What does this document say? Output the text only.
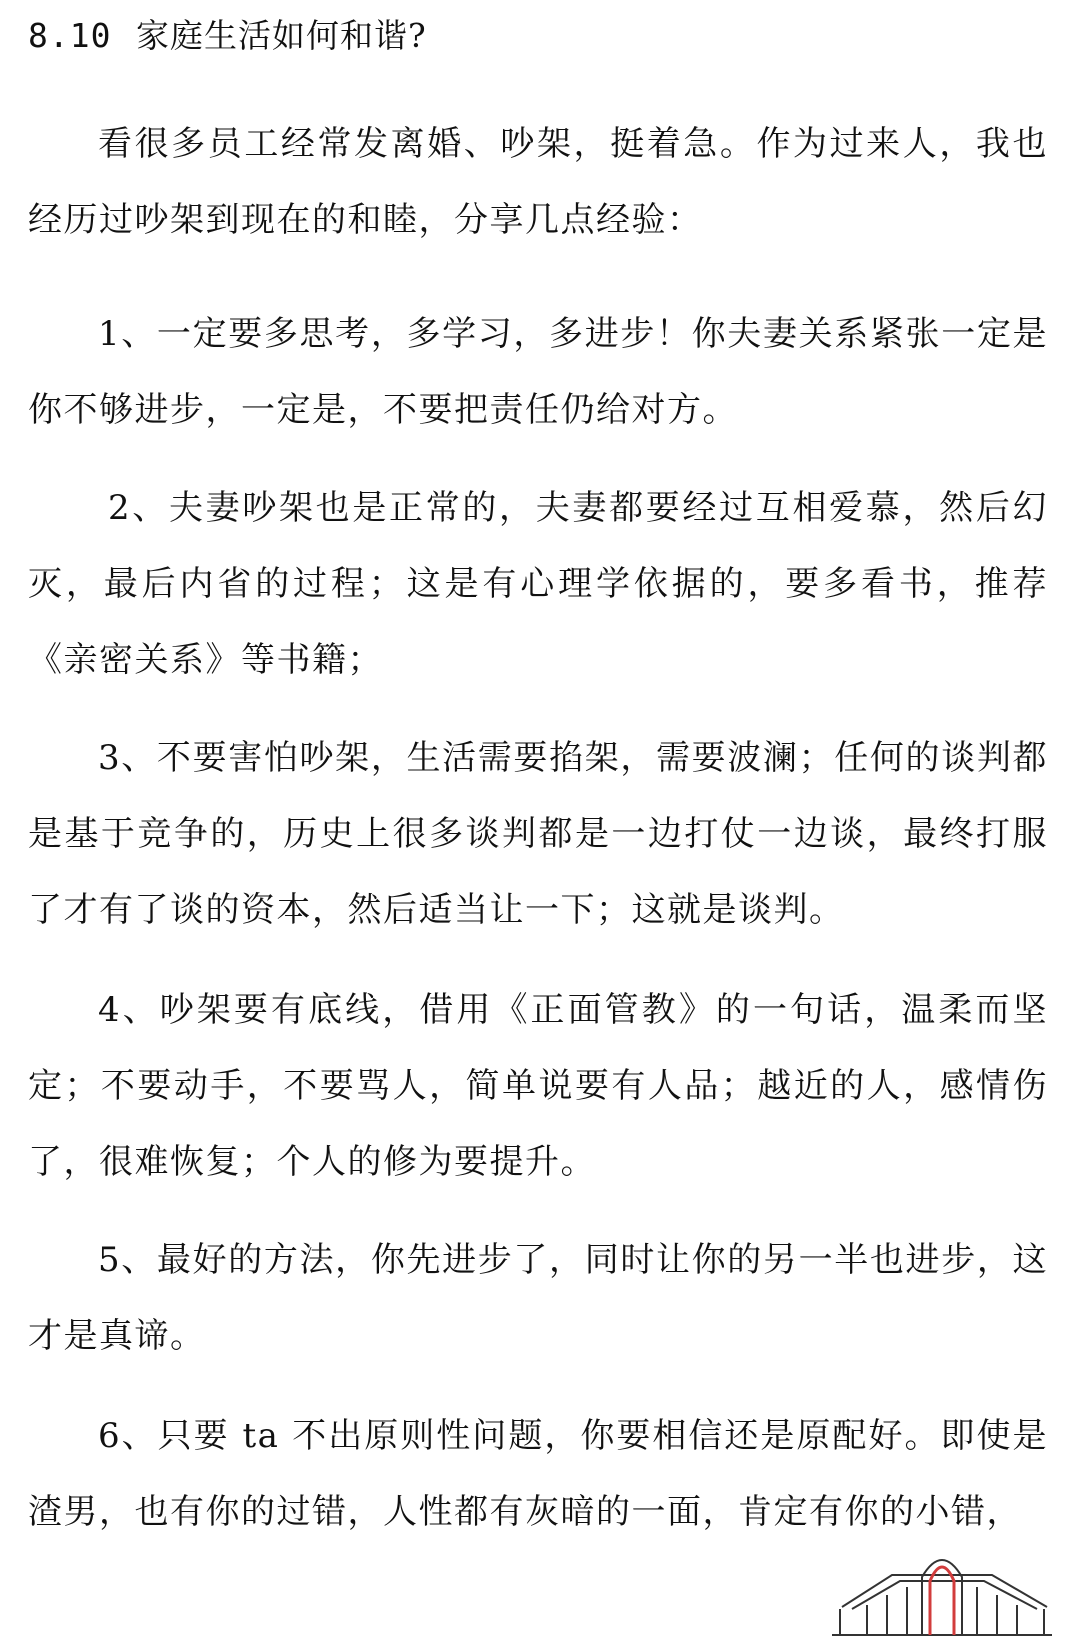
8.10 家庭生活如何和谐?

看很多员工经常发离婚、吵架，挺着急。作为过来人，我也经历过吵架到现在的和睦，分享几点经验：

1、一定要多思考，多学习，多进步！你夫妻关系紧张一定是你不够进步，一定是，不要把责任仍给对方。

2、夫妻吵架也是正常的，夫妻都要经过互相爱慕，然后幻灭，最后内省的过程；这是有心理学依据的，要多看书，推荐《亲密关系》等书籍；

3、不要害怕吵架，生活需要掐架，需要波澜；任何的谈判都是基于竞争的，历史上很多谈判都是一边打仗一边谈，最终打服了才有了谈的资本，然后适当让一下；这就是谈判。

4、吵架要有底线，借用《正面管教》的一句话，温柔而坚定；不要动手，不要骂人，简单说要有人品；越近的人，感情伤了，很难恢复；个人的修为要提升。

5、最好的方法，你先进步了，同时让你的另一半也进步，这才是真谛。

6、只要 ta 不出原则性问题，你要相信还是原配好。即使是渣男，也有你的过错，人性都有灰暗的一面，肯定有你的小错，
